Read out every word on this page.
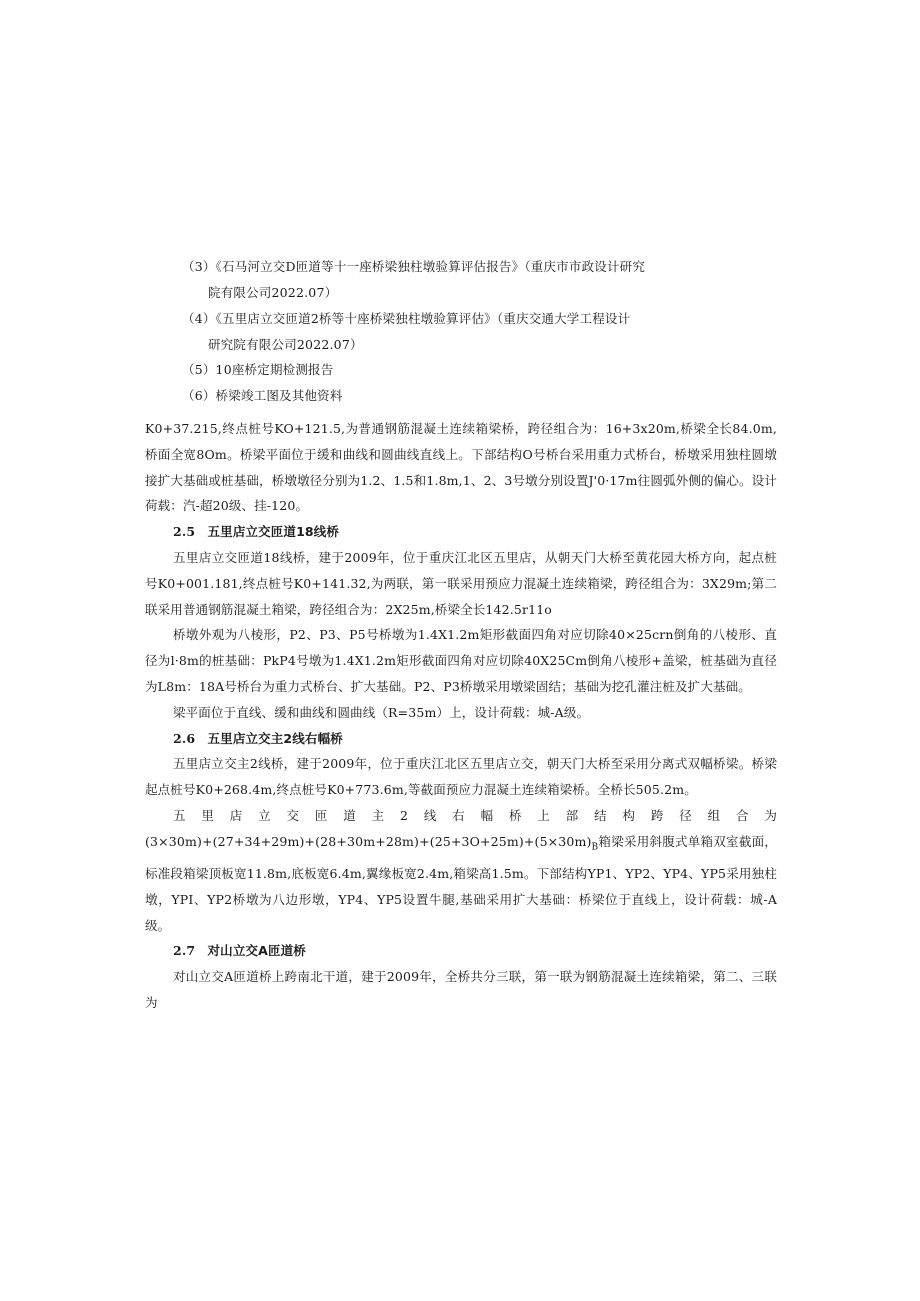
（3）《石马河立交D匝道等十一座桥梁独柱墩验算评估报告》（重庆市市政设计研究
院有限公司2022.07）
（4）《五里店立交匝道2桥等十座桥梁独柱墩验算评估》（重庆交通大学工程设计
研究院有限公司2022.07）
（5）10座桥定期检测报告
（6）桥梁竣工图及其他资料

K0+37.215,终点桩号KO+121.5,为普通钢筋混凝土连续箱梁桥，跨径组合为：16+3x20m,桥梁全长84.0m,桥面全宽8Om。桥梁平面位于缓和曲线和圆曲线直线上。下部结构O号桥台采用重力式桥台，桥墩采用独柱圆墩接扩大基础或桩基础，桥墩墩径分别为1.2、1.5和1.8m,1、2、3号墩分别设置J'0·17m往圆弧外侧的偏心。设计荷载：汽-超20级、挂-120。

2.5 五里店立交匝道18线桥

五里店立交匝道18线桥，建于2009年，位于重庆江北区五里店，从朝天门大桥至黄花园大桥方向，起点桩号K0+001.181,终点桩号K0+141.32,为两联，第一联采用预应力混凝土连续箱梁，跨径组合为：3X29m;第二联采用普通钢筋混凝土箱梁，跨径组合为：2X25m,桥梁全长142.5r11o

桥墩外观为八棱形，P2、P3、P5号桥墩为1.4X1.2m矩形截面四角对应切除40×25crn倒角的八棱形、直径为l·8m的桩基础：PkP4号墩为1.4X1.2m矩形截面四角对应切除40X25Cm倒角八棱形+盖梁，桩基础为直径为L8m：18A号桥台为重力式桥台、扩大基础。P2、P3桥墩采用墩梁固结；基础为挖孔灌注桩及扩大基础。

梁平面位于直线、缓和曲线和圆曲线（R=35m）上，设计荷载：城-A级。

2.6 五里店立交主2线右幅桥

五里店立交主2线桥，建于2009年，位于重庆江北区五里店立交，朝天门大桥至采用分离式双幅桥梁。桥梁起点桩号K0+268.4m,终点桩号K0+773.6m,等截面预应力混凝土连续箱梁桥。全桥长505.2m。

五里店立交匝道主2线右幅桥上部结构跨径组合为

$(3\times 30m)+(27+34+29m)+(28+30m+28m)+(25+3O+25m)+(5\times 30m)_B$箱梁采用斜腹式单箱双室截面，标准段箱梁顶板宽11.8m,底板宽6.4m,翼缘板宽2.4m,箱梁高1.5m。下部结构YP1、YP2、YP4、YP5采用独柱墩，YPI、YP2桥墩为八边形墩，YP4、YP5设置牛腿,基础采用扩大基础：桥梁位于直线上，设计荷载：城-A级。

2.7 对山立交A匝道桥

对山立交A匝道桥上跨南北干道，建于2009年，全桥共分三联，第一联为钢筋混凝土连续箱梁，第二、三联为
